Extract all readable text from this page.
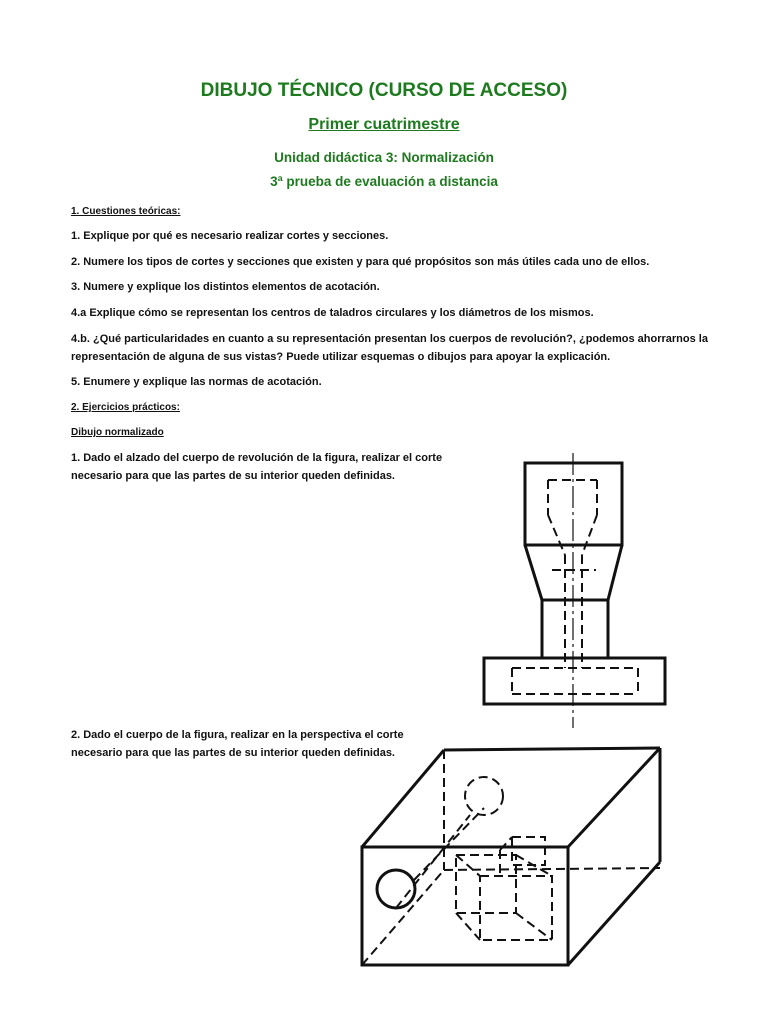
DIBUJO TÉCNICO (CURSO DE ACCESO)
Primer cuatrimestre
Unidad didáctica 3: Normalización
3ª prueba de evaluación a distancia
1. Cuestiones teóricas:
1. Explique por qué es necesario realizar cortes y secciones.
2. Numere los tipos de cortes y secciones que existen y para qué propósitos son más útiles cada uno de ellos.
3. Numere y explique los distintos elementos de acotación.
4.a Explique cómo se representan los centros de taladros circulares y los diámetros de los mismos.
4.b. ¿Qué particularidades en cuanto a su representación presentan los cuerpos de revolución?, ¿podemos ahorrarnos la representación de alguna de sus vistas? Puede utilizar esquemas o dibujos para apoyar la explicación.
5. Enumere y explique las normas de acotación.
2. Ejercicios prácticos:
Dibujo normalizado
1. Dado el alzado del cuerpo de revolución de la figura, realizar el corte necesario para que las partes de su interior queden definidas.
2. Dado el cuerpo de la figura, realizar en la perspectiva el corte necesario para que las partes de su interior queden definidas.
